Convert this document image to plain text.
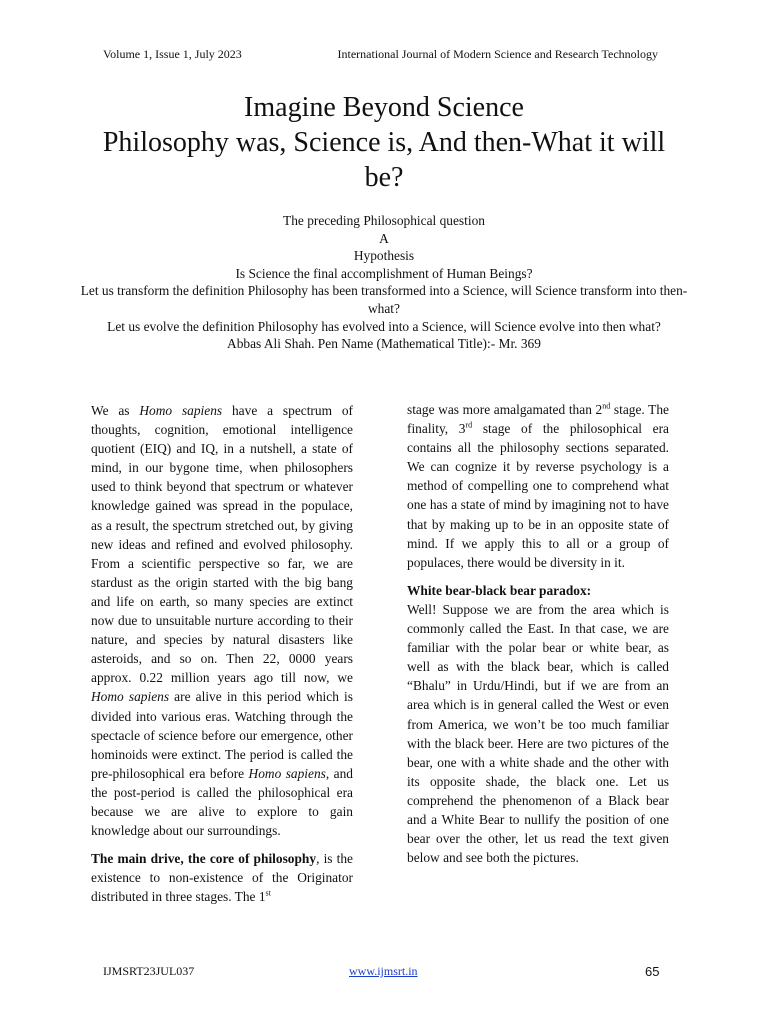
Volume 1, Issue 1, July 2023	International Journal of Modern Science and Research Technology
Imagine Beyond Science
Philosophy was, Science is, And then-What it will be?
The preceding Philosophical question
A
Hypothesis
Is Science the final accomplishment of Human Beings?
Let us transform the definition Philosophy has been transformed into a Science, will Science transform into then-what?
Let us evolve the definition Philosophy has evolved into a Science, will Science evolve into then what?
Abbas Ali Shah. Pen Name (Mathematical Title):- Mr. 369

We as Homo sapiens have a spectrum of thoughts, cognition, emotional intelligence quotient (EIQ) and IQ, in a nutshell, a state of mind, in our bygone time, when philosophers used to think beyond that spectrum or whatever knowledge gained was spread in the populace, as a result, the spectrum stretched out, by giving new ideas and refined and evolved philosophy. From a scientific perspective so far, we are stardust as the origin started with the big bang and life on earth, so many species are extinct now due to unsuitable nurture according to their nature, and species by natural disasters like asteroids, and so on. Then 22, 0000 years approx. 0.22 million years ago till now, we Homo sapiens are alive in this period which is divided into various eras. Watching through the spectacle of science before our emergence, other hominoids were extinct. The period is called the pre-philosophical era before Homo sapiens, and the post-period is called the philosophical era because we are alive to explore to gain knowledge about our surroundings.

The main drive, the core of philosophy, is the existence to non-existence of the Originator distributed in three stages. The 1st

stage was more amalgamated than 2nd stage. The finality, 3rd stage of the philosophical era contains all the philosophy sections separated. We can cognize it by reverse psychology is a method of compelling one to comprehend what one has a state of mind by imagining not to have that by making up to be in an opposite state of mind. If we apply this to all or a group of populaces, there would be diversity in it.

White bear-black bear paradox:

Well! Suppose we are from the area which is commonly called the East. In that case, we are familiar with the polar bear or white bear, as well as with the black bear, which is called “Bhalu” in Urdu/Hindi, but if we are from an area which is in general called the West or even from America, we won’t be too much familiar with the black beer. Here are two pictures of the bear, one with a white shade and the other with its opposite shade, the black one. Let us comprehend the phenomenon of a Black bear and a White Bear to nullify the position of one bear over the other, let us read the text given below and see both the pictures.

IJMSRT23JUL037	www.ijmsrt.in	65
